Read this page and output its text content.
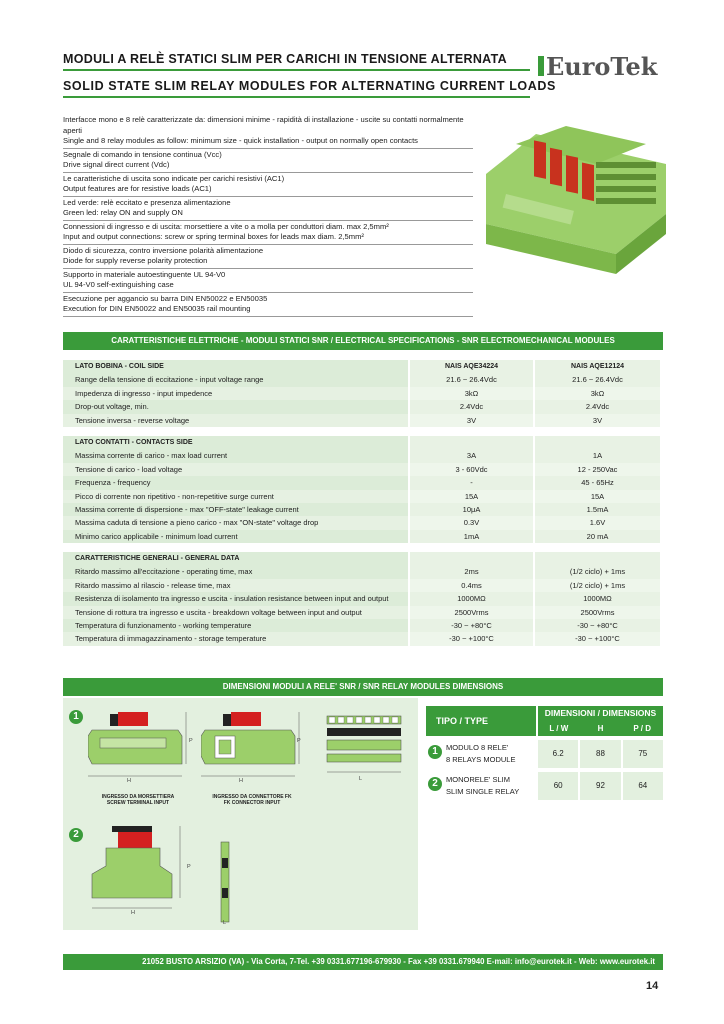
MODULI A RELÈ STATICI SLIM PER CARICHI IN TENSIONE ALTERNATA
SOLID STATE SLIM RELAY MODULES FOR ALTERNATING CURRENT LOADS
EuroTek
Interfacce mono e 8 relè caratterizzate da: dimensioni minime - rapidità di installazione - uscite su contatti normalmente aperti
Single and 8 relay modules as follow: minimum size - quick installation - output on normally open contacts
Segnale di comando in tensione continua (Vcc)
Drive signal direct current (Vdc)
Le caratteristiche di uscita sono indicate per carichi resistivi (AC1)
Output features are for resistive loads (AC1)
Led verde: relè eccitato e presenza alimentazione
Green led: relay ON and supply ON
Connessioni di ingresso e di uscita: morsettiere a vite o a molla per conduttori diam. max 2,5mm²
Input and output connections: screw or spring terminal boxes for leads max diam. 2,5mm²
Diodo di sicurezza, contro inversione polarità alimentazione
Diode for supply reverse polarity protection
Supporto in materiale autoestinguente UL 94-V0
UL 94-V0 self-extinguishing case
Esecuzione per aggancio su barra DIN EN50022 e EN50035
Execution for DIN EN50022 and EN50035 rail mounting
CARATTERISTICHE ELETTRICHE - MODULI STATICI SNR / ELECTRICAL SPECIFICATIONS - SNR ELECTROMECHANICAL MODULES
LATO BOBINA - COIL SIDE	NAIS AQE34224	NAIS AQE12124
Range della tensione di eccitazione - input voltage range	21.6 ~ 26.4Vdc	21.6 ~ 26.4Vdc
Impedenza di ingresso - input impedence	3kΩ	3kΩ
Drop-out voltage, min.	2.4Vdc	2.4Vdc
Tensione inversa - reverse voltage	3V	3V
LATO CONTATTI - CONTACTS SIDE
Massima corrente di carico - max load current	3A	1A
Tensione di carico - load voltage	3 - 60Vdc	12 - 250Vac
Frequenza - frequency	-	45 - 65Hz
Picco di corrente non ripetitivo - non-repetitive surge current	15A	15A
Massima corrente di dispersione - max "OFF-state" leakage current	10μA	1.5mA
Massima caduta di tensione a pieno carico - max "ON-state" voltage drop	0.3V	1.6V
Minimo carico applicabile - minimum load current	1mA	20 mA
CARATTERISTICHE GENERALI - GENERAL DATA
Ritardo massimo all'eccitazione - operating time, max	2ms	(1/2 ciclo) + 1ms
Ritardo massimo al rilascio - release time, max	0.4ms	(1/2 ciclo) + 1ms
Resistenza di isolamento tra ingresso e uscita - insulation resistance between input and output	1000MΩ	1000MΩ
Tensione di rottura tra ingresso e uscita - breakdown voltage between input and output	2500Vrms	2500Vrms
Temperatura di funzionamento - working temperature	-30 ~ +80°C	-30 ~ +80°C
Temperatura di immagazzinamento - storage temperature	-30 ~ +100°C	-30 ~ +100°C
DIMENSIONI MODULI A RELE' SNR / SNR RELAY MODULES DIMENSIONS
1
2
P
H
INGRESSO DA MORSETTIERA
SCREW TERMINAL INPUT
P
H
INGRESSO DA CONNETTORE FK
FK CONNECTOR INPUT
L
P
H
L
TIPO / TYPE
DIMENSIONI / DIMENSIONS
L / W	H	P / D
1	MODULO 8 RELE'
8 RELAYS MODULE
6.2	88	75
2	MONORELE' SLIM
SLIM SINGLE RELAY
60	92	64
21052 BUSTO ARSIZIO (VA) - Via Corta, 7-Tel. +39 0331.677196-679930 - Fax +39 0331.679940 E-mail: info@eurotek.it - Web: www.eurotek.it
14
